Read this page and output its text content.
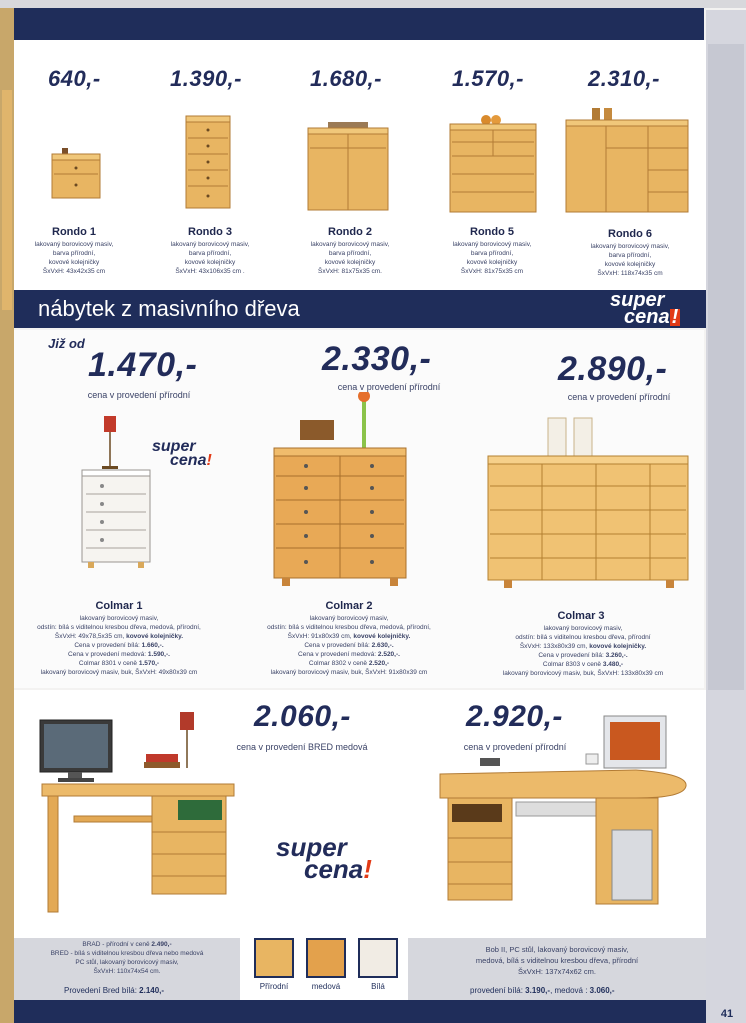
640,-	1.390,-	1.680,-	1.570,-	2.310,-
Rondo 1
lakovaný borovicový masiv,
barva přírodní,
kovové kolejničky
ŠxVxH: 43x42x35 cm
Rondo 3
lakovaný borovicový masiv,
barva přírodní,
kovové kolejničky
ŠxVxH: 43x106x35 cm .
Rondo 2
lakovaný borovicový masiv,
barva přírodní,
kovové kolejničky
ŠxVxH: 81x75x35 cm.
Rondo 5
lakovaný borovicový masiv,
barva přírodní,
kovové kolejničky
ŠxVxH: 81x75x35 cm
Rondo 6
lakovaný borovicový masiv,
barva přírodní,
kovové kolejničky
ŠxVxH: 118x74x35 cm
nábytek z masivního dřeva	super
cena !
Již od
1.470,-
cena v provedení přírodní
2.330,-
cena v provedení přírodní	2.890,-
cena v provedení přírodní
super
cena!
Colmar 1
lakovaný borovicový masiv,
odstín: bílá s viditelnou kresbou dřeva, medová, přírodní,
ŠxVxH: 49x78,5x35 cm, kovové kolejničky.
Cena v provedení bílá: 1.660,-.
Cena v provedení medová: 1.590,-.
Colmar 8301 v ceně 1.570,-
lakovaný borovicový masiv, buk, ŠxVxH: 49x80x39 cm
Colmar 2
lakovaný borovicový masiv,
odstín: bílá s viditelnou kresbou dřeva, medová, přírodní,
ŠxVxH: 91x80x39 cm, kovové kolejničky.
Cena v provedení bílá: 2.630,-.
Cena v provedení medová: 2.520,-.
Colmar 8302 v ceně 2.520,-
lakovaný borovicový masiv, buk, ŠxVxH: 91x80x39 cm
Colmar 3
lakovaný borovicový masiv,
odstín: bílá s viditelnou kresbou dřeva, přírodní
ŠxVxH: 133x80x39 cm, kovové kolejničky.
Cena v provedení bílá: 3.260,-.
Colmar 8303 v ceně 3.480,-
lakovaný borovicový masiv, buk, ŠxVxH: 133x80x39 cm
2.060,-
cena v provedení BRED medová
2.920,-
cena v provedení přírodní
super
cena!
BRAD - přírodní v ceně 2.490,-
BRED - bílá s viditelnou kresbou dřeva nebo medová
PC stůl, lakovaný borovicový masiv,
ŠxVxH: 110x74x54 cm.
Provedení Bred bílá: 2.140,-	Přírodní	medová	Bílá
Bob II, PC stůl, lakovaný borovicový masiv,
medová, bílá s viditelnou kresbou dřeva, přírodní
ŠxVxH: 137x74x62 cm.
provedení bílá: 3.190,-, medová : 3.060,-
41
